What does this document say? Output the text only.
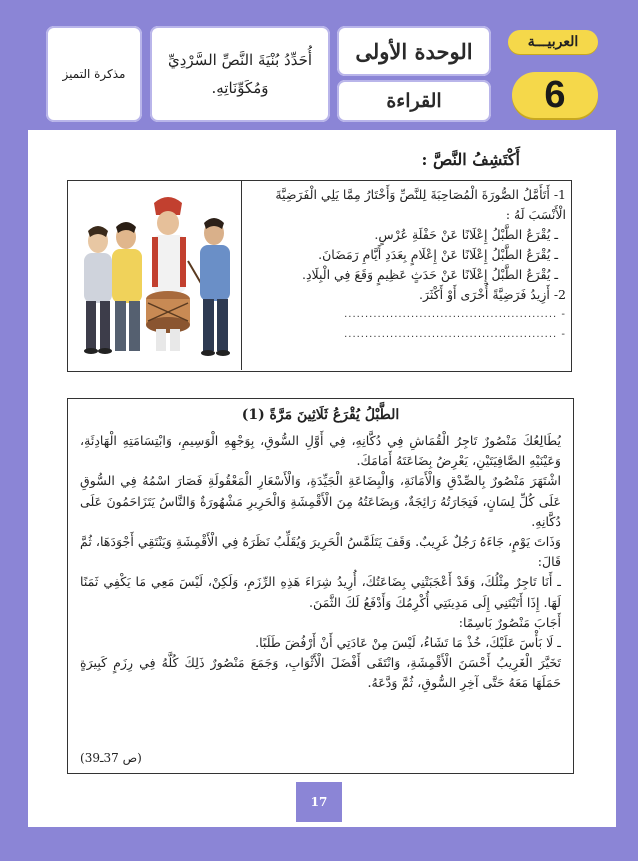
مذكرة التميز
أُحَدِّدُ بُنْيَةَ النَّصِّ السَّرْدِيِّ وَمُكَوِّنَاتِهِ.
الوحدة الأولى
القراءة
العربيـــة
6
أَكْتَشِفُ النَّصَّ :

1- أَتَأَمَّلُ الصُّورَةَ الْمُصَاحِبَةَ لِلنَّصِّ وَأَخْتَارُ مِمَّا يَلِي الْفَرَضِيَّةَ الْأَنْسَبَ لَهُ :

ـ يُقْرَعُ الطَّبْلُ إِعْلَانًا عَنْ حَفْلَةِ عُرْسٍ.

ـ يُقْرَعُ الطَّبْلُ إِعْلَانًا عَنْ إِعْلَامٍ بِعَدَدِ أَيَّامِ رَمَضَانَ.

ـ يُقْرَعُ الطَّبْلُ إِعْلَانًا عَنْ حَدَثٍ عَظِيمٍ وَقَعَ فِي الْبِلَادِ.

2- أَزِيدُ فَرَضِيَّةً أُخْرَى أَوْ أَكْثَرَ.

- ...................................................

- ...................................................

الطَّبْلُ يُقْرَعُ ثَلَاثِينَ مَرَّةً (1)

يُطَالِعُكَ مَنْصُورٌ تَاجِرُ الْقُمَاشِ فِي دُكَّانِهِ، فِي أَوَّلِ السُّوقِ، بِوَجْهِهِ الْوَسِيمِ، وَابْتِسَامَتِهِ الْهَادِئَةِ، وَعَيْنَيْهِ الصَّافِيَتَيْنِ، يَعْرِضُ بِضَاعَتَهُ أَمَامَكَ.

اشْتَهَرَ مَنْصُورٌ بِالصِّدْقِ وَالْأَمَانَةِ، وَالْبِضَاعَةِ الْجَيِّدَةِ، وَالْأَسْعَارِ الْمَعْقُولَةِ فَصَارَ اسْمُهُ فِي السُّوقِ عَلَى كُلِّ لِسَانٍ، فَتِجَارَتُهُ رَائِجَةٌ، وَبِضَاعَتُهُ مِنَ الْأَقْمِشَةِ وَالْحَرِيرِ مَشْهُورَةٌ وَالنَّاسُ يَتَزَاحَمُونَ عَلَى دُكَّانِهِ.

وَذَاتَ يَوْمٍ، جَاءَهُ رَجُلٌ غَرِيبٌ. وَقَفَ يَتَلَمَّسُ الْحَرِيرَ وَيُقَلِّبُ نَظَرَهُ فِي الْأَقْمِشَةِ وَيَنْتَقِي أَجْوَدَهَا، ثُمَّ قَالَ:

ـ أَنَا تَاجِرٌ مِثْلُكَ، وَقَدْ أَعْجَبَتْنِي بِضَاعَتُكَ، أُرِيدُ شِرَاءَ هَذِهِ الرِّزَمِ، وَلَكِنْ، لَيْسَ مَعِي مَا يَكْفِي ثَمَنًا لَهَا. إِذَا أَتَيْتَنِي إِلَى مَدِينَتِي أُكْرِمُكَ وَأَدْفَعُ لَكَ الثَّمَنَ.

أَجَابَ مَنْصُورٌ بَاسِمًا:

ـ لَا بَأْسَ عَلَيْكَ، خُذْ مَا تَشَاءُ، لَيْسَ مِنْ عَادَتِي أَنْ أَرْفُضَ طَلَبًا.

تَخَيَّرَ الْغَرِيبُ أَحْسَنَ الْأَقْمِشَةِ، وَانْتَقَى أَفْضَلَ الْأَثْوَابِ، وَجَمَعَ مَنْصُورٌ ذَلِكَ كُلَّهُ فِي رِزَمٍ كَبِيرَةٍ حَمَلَهَا مَعَهُ حَتَّى آخِرِ السُّوقِ، ثُمَّ وَدَّعَهُ.

(ص 37ـ39)
17
